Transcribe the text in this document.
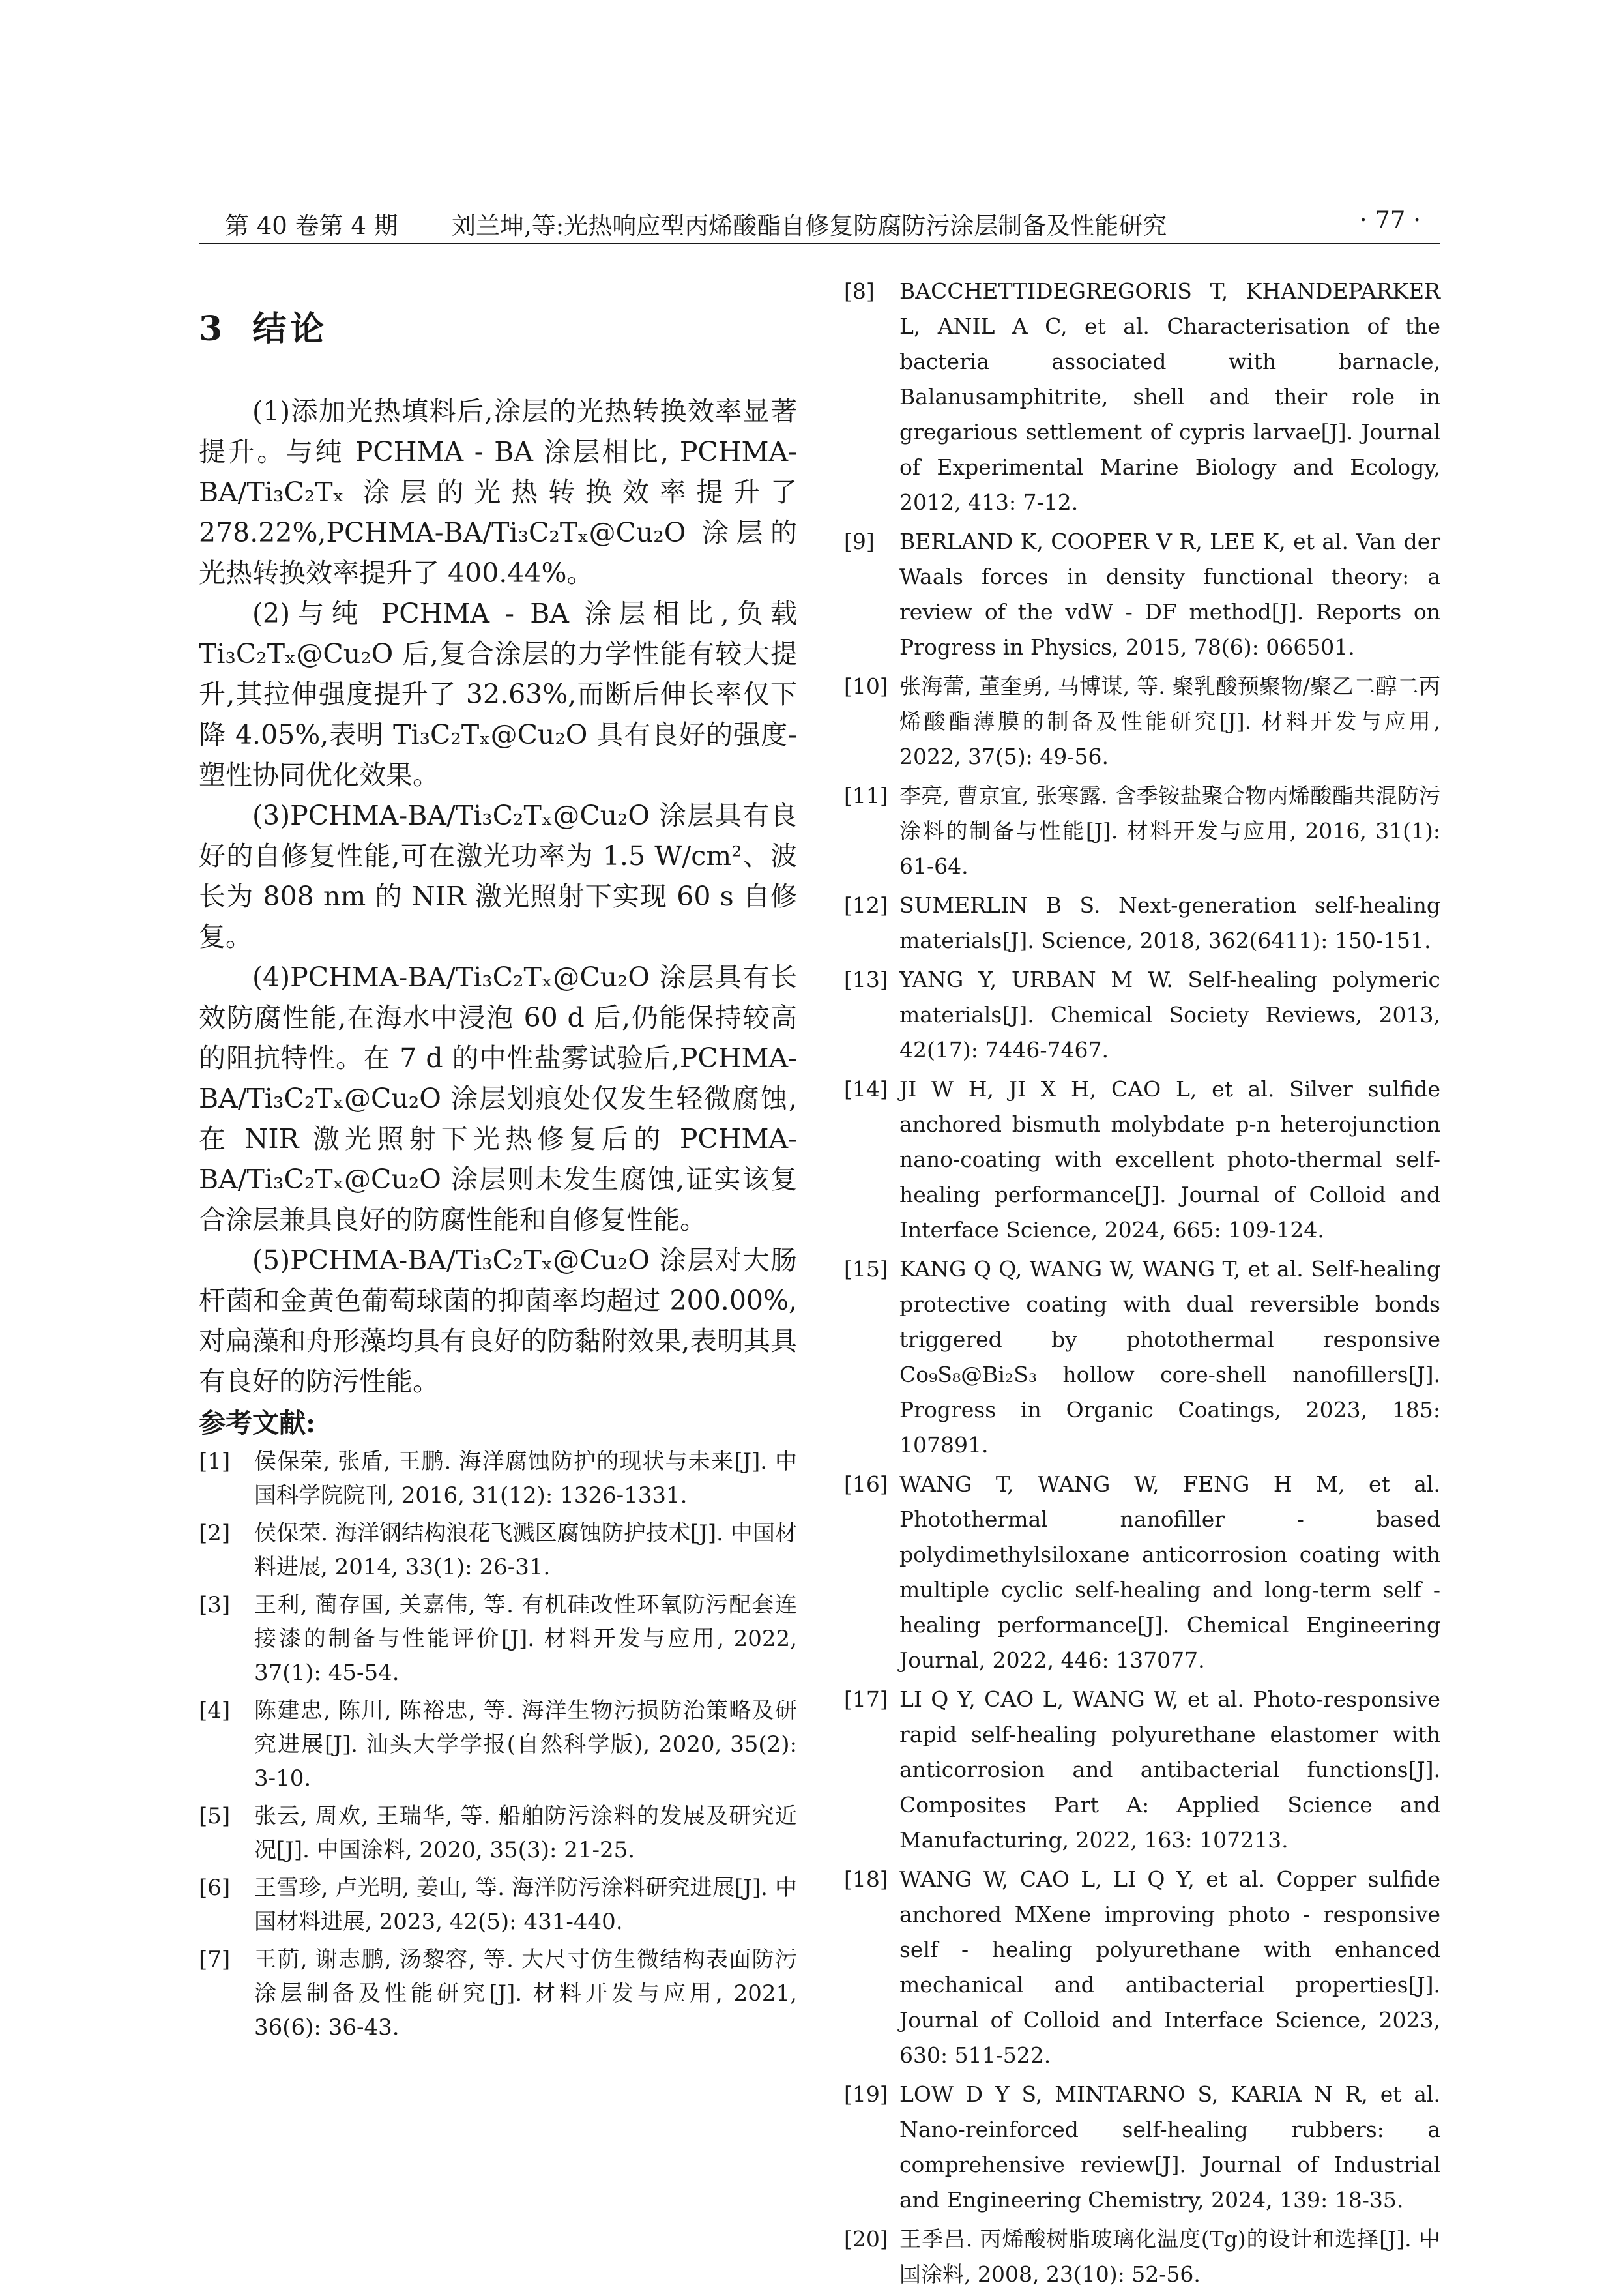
第 40 卷第 4 期 刘兰坤,等:光热响应型丙烯酸酯自修复防腐防污涂层制备及性能研究	· 77 ·
3 结论

(1)添加光热填料后,涂层的光热转换效率显著提升。与纯 PCHMA - BA 涂层相比, PCHMA-BA/Ti₃C₂Tₓ 涂层的光热转换效率提升了 278.22%,PCHMA-BA/Ti₃C₂Tₓ@Cu₂O 涂层的光热转换效率提升了 400.44%。

(2)与纯 PCHMA - BA 涂层相比,负载 Ti₃C₂Tₓ@Cu₂O 后,复合涂层的力学性能有较大提升,其拉伸强度提升了 32.63%,而断后伸长率仅下降 4.05%,表明 Ti₃C₂Tₓ@Cu₂O 具有良好的强度-塑性协同优化效果。

(3)PCHMA-BA/Ti₃C₂Tₓ@Cu₂O 涂层具有良好的自修复性能,可在激光功率为 1.5 W/cm²、波长为 808 nm 的 NIR 激光照射下实现 60 s 自修复。

(4)PCHMA-BA/Ti₃C₂Tₓ@Cu₂O 涂层具有长效防腐性能,在海水中浸泡 60 d 后,仍能保持较高的阻抗特性。在 7 d 的中性盐雾试验后,PCHMA-BA/Ti₃C₂Tₓ@Cu₂O 涂层划痕处仅发生轻微腐蚀,在 NIR 激光照射下光热修复后的 PCHMA-BA/Ti₃C₂Tₓ@Cu₂O 涂层则未发生腐蚀,证实该复合涂层兼具良好的防腐性能和自修复性能。

(5)PCHMA-BA/Ti₃C₂Tₓ@Cu₂O 涂层对大肠杆菌和金黄色葡萄球菌的抑菌率均超过 200.00%,对扁藻和舟形藻均具有良好的防黏附效果,表明其具有良好的防污性能。

参考文献:
[1]	侯保荣, 张盾, 王鹏. 海洋腐蚀防护的现状与未来[J]. 中国科学院院刊, 2016, 31(12): 1326-1331.
[2]	侯保荣. 海洋钢结构浪花飞溅区腐蚀防护技术[J]. 中国材料进展, 2014, 33(1): 26-31.
[3]	王利, 蔺存国, 关嘉伟, 等. 有机硅改性环氧防污配套连接漆的制备与性能评价[J]. 材料开发与应用, 2022, 37(1): 45-54.
[4]	陈建忠, 陈川, 陈裕忠, 等. 海洋生物污损防治策略及研究进展[J]. 汕头大学学报(自然科学版), 2020, 35(2): 3-10.
[5]	张云, 周欢, 王瑞华, 等. 船舶防污涂料的发展及研究近况[J]. 中国涂料, 2020, 35(3): 21-25.
[6]	王雪珍, 卢光明, 姜山, 等. 海洋防污涂料研究进展[J]. 中国材料进展, 2023, 42(5): 431-440.
[7]	王荫, 谢志鹏, 汤黎容, 等. 大尺寸仿生微结构表面防污涂层制备及性能研究[J]. 材料开发与应用, 2021, 36(6): 36-43.
[8]	BACCHETTIDEGREGORIS T, KHANDEPARKER L, ANIL A C, et al. Characterisation of the bacteria associated with barnacle, Balanusamphitrite, shell and their role in gregarious settlement of cypris larvae[J]. Journal of Experimental Marine Biology and Ecology, 2012, 413: 7-12.
[9]	BERLAND K, COOPER V R, LEE K, et al. Van der Waals forces in density functional theory: a review of the vdW - DF method[J]. Reports on Progress in Physics, 2015, 78(6): 066501.
[10] 张海蕾, 董奎勇, 马博谋, 等. 聚乳酸预聚物/聚乙二醇二丙烯酸酯薄膜的制备及性能研究[J]. 材料开发与应用, 2022, 37(5): 49-56.
[11] 李亮, 曹京宜, 张寒露. 含季铵盐聚合物丙烯酸酯共混防污涂料的制备与性能[J]. 材料开发与应用, 2016, 31(1): 61-64.
[12] SUMERLIN B S. Next-generation self-healing materials[J]. Science, 2018, 362(6411): 150-151.
[13] YANG Y, URBAN M W. Self-healing polymeric materials[J]. Chemical Society Reviews, 2013, 42(17): 7446-7467.
[14] JI W H, JI X H, CAO L, et al. Silver sulfide anchored bismuth molybdate p-n heterojunction nano-coating with excellent photo-thermal self-healing performance[J]. Journal of Colloid and Interface Science, 2024, 665: 109-124.
[15] KANG Q Q, WANG W, WANG T, et al. Self-healing protective coating with dual reversible bonds triggered by photothermal responsive Co₉S₈@Bi₂S₃ hollow core-shell nanofillers[J]. Progress in Organic Coatings, 2023, 185: 107891.
[16] WANG T, WANG W, FENG H M, et al. Photothermal nanofiller - based polydimethylsiloxane anticorrosion coating with multiple cyclic self-healing and long-term self - healing performance[J]. Chemical Engineering Journal, 2022, 446: 137077.
[17] LI Q Y, CAO L, WANG W, et al. Photo-responsive rapid self-healing polyurethane elastomer with anticorrosion and antibacterial functions[J]. Composites Part A: Applied Science and Manufacturing, 2022, 163: 107213.
[18] WANG W, CAO L, LI Q Y, et al. Copper sulfide anchored MXene improving photo - responsive self - healing polyurethane with enhanced mechanical and antibacterial properties[J]. Journal of Colloid and Interface Science, 2023, 630: 511-522.
[19] LOW D Y S, MINTARNO S, KARIA N R, et al. Nano-reinforced self-healing rubbers: a comprehensive review[J]. Journal of Industrial and Engineering Chemistry, 2024, 139: 18-35.
[20] 王季昌. 丙烯酸树脂玻璃化温度(Tg)的设计和选择[J]. 中国涂料, 2008, 23(10): 52-56.
